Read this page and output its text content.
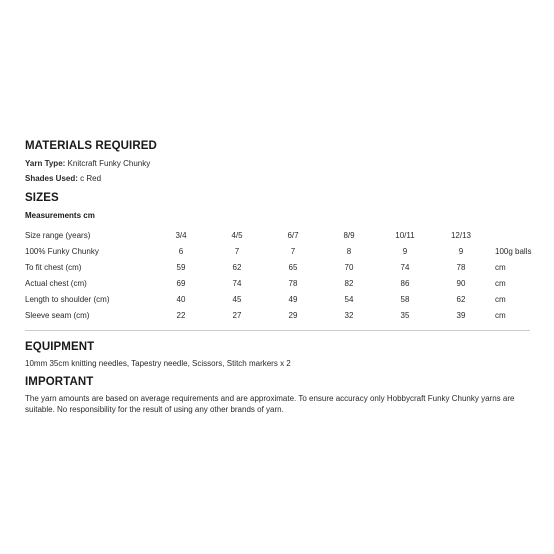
MATERIALS REQUIRED
Yarn Type: Knitcraft Funky Chunky
Shades Used: c Red
SIZES
Measurements cm
Size range (years)	3/4	4/5	6/7	8/9	10/11	12/13	
100% Funky Chunky	6	7	7	8	9	9	100g balls
To fit chest (cm)	59	62	65	70	74	78	cm
Actual chest (cm)	69	74	78	82	86	90	cm
Length to shoulder (cm)	40	45	49	54	58	62	cm
Sleeve seam (cm)	22	27	29	32	35	39	cm
EQUIPMENT
10mm 35cm knitting needles, Tapestry needle, Scissors, Stitch markers x 2
IMPORTANT
The yarn amounts are based on average requirements and are approximate. To ensure accuracy only Hobbycraft Funky Chunky yarns are suitable. No responsibility for the result of using any other brands of yarn.
